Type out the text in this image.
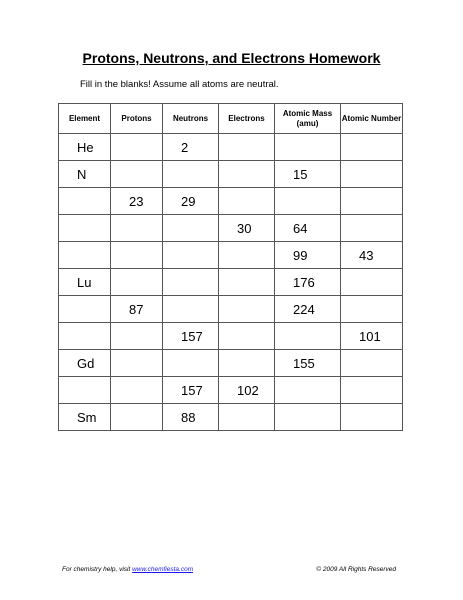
Protons, Neutrons, and Electrons Homework

Fill in the blanks! Assume all atoms are neutral.

Element	Protons	Neutrons	Electrons	Atomic Mass (amu)	Atomic Number

He		2			

N				15	

	23	29			

			30	64	

				99	43

Lu				176	

	87			224	

		157			101

Gd				155	

		157	102		

Sm		88			

For chemistry help, visit www.chemfiesta.com	© 2009 All Rights Reserved
